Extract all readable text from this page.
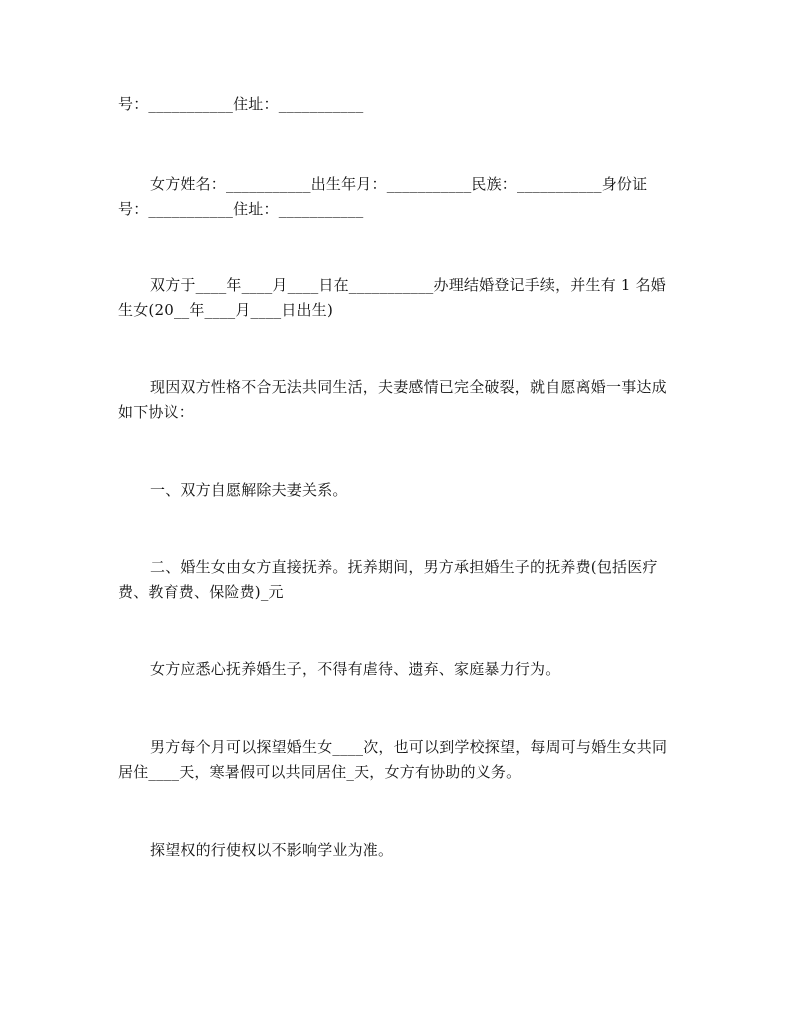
号：___________住址：___________
女方姓名：___________出生年月：___________民族：___________身份证
号：___________住址：___________
双方于____年____月____日在___________办理结婚登记手续，并生有 1 名婚
生女(20__年____月____日出生)
现因双方性格不合无法共同生活，夫妻感情已完全破裂，就自愿离婚一事达成
如下协议：
一、双方自愿解除夫妻关系。
二、婚生女由女方直接抚养。抚养期间，男方承担婚生子的抚养费(包括医疗
费、教育费、保险费)_元
女方应悉心抚养婚生子，不得有虐待、遗弃、家庭暴力行为。
男方每个月可以探望婚生女____次，也可以到学校探望，每周可与婚生女共同
居住____天，寒暑假可以共同居住_天，女方有协助的义务。
探望权的行使权以不影响学业为准。
